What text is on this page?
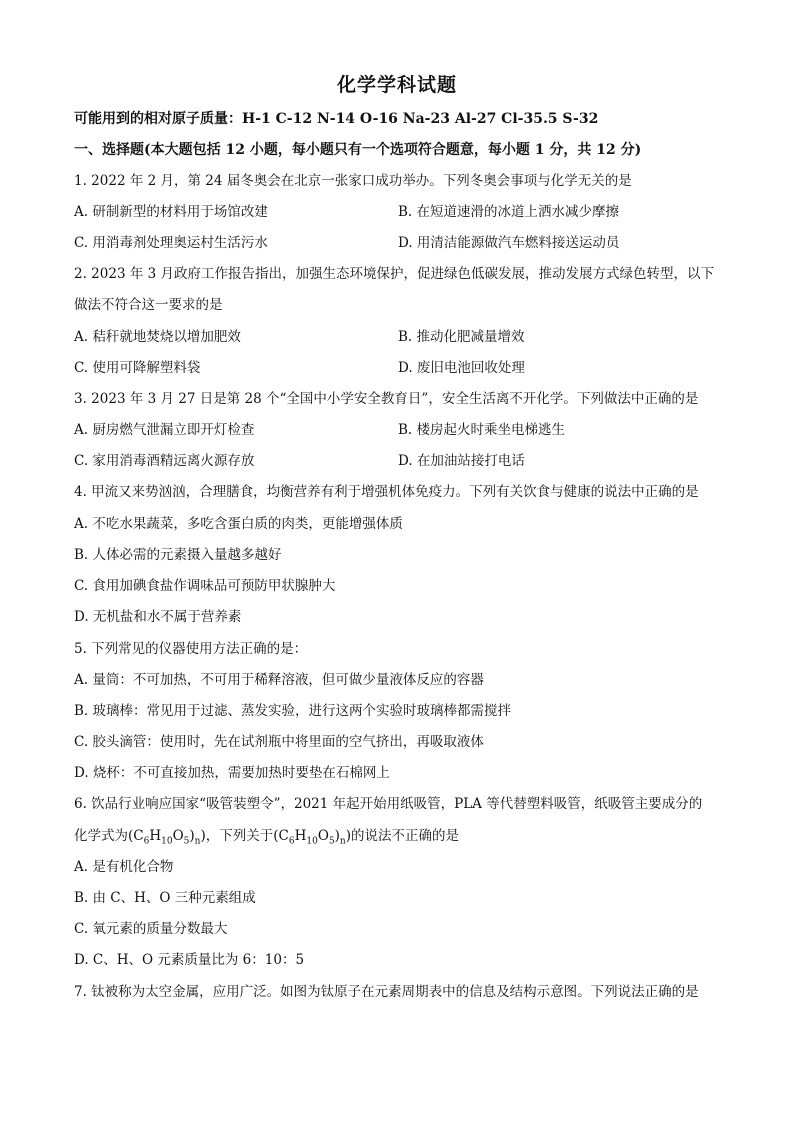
化学学科试题
可能用到的相对原子质量：H-1 C-12 N-14 O-16 Na-23 Al-27 Cl-35.5 S-32
一、选择题(本大题包括 12 小题，每小题只有一个选项符合题意，每小题 1 分，共 12 分)
1. 2022 年 2 月，第 24 届冬奥会在北京一张家口成功举办。下列冬奥会事项与化学无关的是
A. 研制新型的材料用于场馆改建	B. 在短道速滑的冰道上洒水减少摩擦
C. 用消毒剂处理奥运村生活污水	D. 用清洁能源做汽车燃料接送运动员
2. 2023 年 3 月政府工作报告指出，加强生态环境保护，促进绿色低碳发展，推动发展方式绿色转型，以下
做法不符合这一要求的是
A. 秸秆就地焚烧以增加肥效	B. 推动化肥减量增效
C. 使用可降解塑料袋	D. 废旧电池回收处理
3. 2023 年 3 月 27 日是第 28 个“全国中小学安全教育日”，安全生活离不开化学。下列做法中正确的是
A. 厨房燃气泄漏立即开灯检查	B. 楼房起火时乘坐电梯逃生
C. 家用消毒酒精远离火源存放	D. 在加油站接打电话
4. 甲流又来势汹汹，合理膳食，均衡营养有利于增强机体免疫力。下列有关饮食与健康的说法中正确的是
A. 不吃水果蔬菜，多吃含蛋白质的肉类，更能增强体质
B. 人体必需的元素摄入量越多越好
C. 食用加碘食盐作调味品可预防甲状腺肿大
D. 无机盐和水不属于营养素
5. 下列常见的仪器使用方法正确的是：
A. 量筒：不可加热，不可用于稀释溶液，但可做少量液体反应的容器
B. 玻璃棒：常见用于过滤、蒸发实验，进行这两个实验时玻璃棒都需搅拌
C. 胶头滴管：使用时，先在试剂瓶中将里面的空气挤出，再吸取液体
D. 烧杯：不可直接加热，需要加热时要垫在石棉网上
6. 饮品行业响应国家“吸管装塑令”，2021 年起开始用纸吸管，PLA 等代替塑料吸管，纸吸管主要成分的
化学式为$(C_6H_{10}O_5)_n$)，下列关于$(C_6H_{10}O_5)_n$)的说法不正确的是
A. 是有机化合物
B. 由 C、H、O 三种元素组成
C. 氧元素的质量分数最大
D. C、H、O 元素质量比为 6：10：5
7. 钛被称为太空金属，应用广泛。如图为钛原子在元素周期表中的信息及结构示意图。下列说法正确的是
